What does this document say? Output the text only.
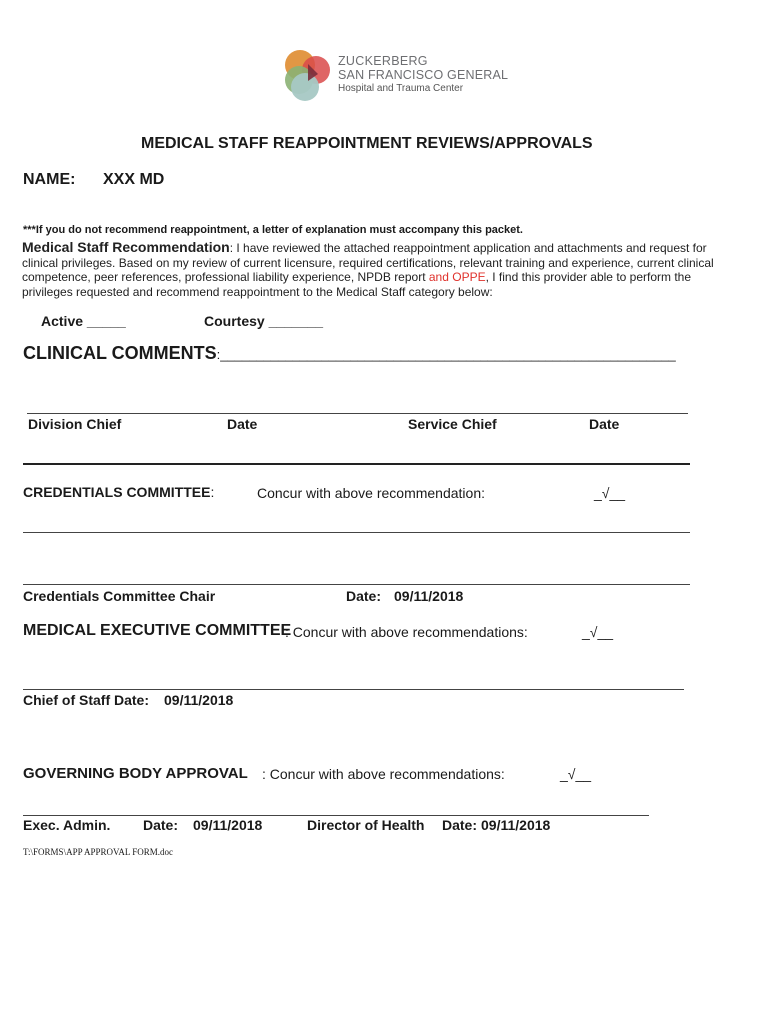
ZUCKERBERG
SAN FRANCISCO GENERAL
Hospital and Trauma Center
MEDICAL STAFF REAPPOINTMENT REVIEWS/APPROVALS
NAME: XXX MD
***If you do not recommend reappointment, a letter of explanation must accompany this packet.
Medical Staff Recommendation: I have reviewed the attached reappointment application and attachments and request for clinical privileges. Based on my review of current licensure, required certifications, relevant training and experience, current clinical competence, peer references, professional liability experience, NPDB report and OPPE, I find this provider able to perform the privileges requested and recommend reappointment to the Medical Staff category below:
Active _____	Courtesy _______
CLINICAL COMMENTS:_______________________________________________________________
Division Chief	Date	Service Chief	Date
CREDENTIALS COMMITTEE:	Concur with above recommendation:	_√__
Credentials Committee Chair	Date: 09/11/2018
MEDICAL EXECUTIVE COMMITTEE
: Concur with above recommendations:	_√__
Chief of Staff Date: 09/11/2018
GOVERNING BODY APPROVAL : Concur with above recommendations:	_√__
Exec. Admin. Date: 09/11/2018	Director of Health Date: 09/11/2018
T:\FORMS\APP APPROVAL FORM.doc
